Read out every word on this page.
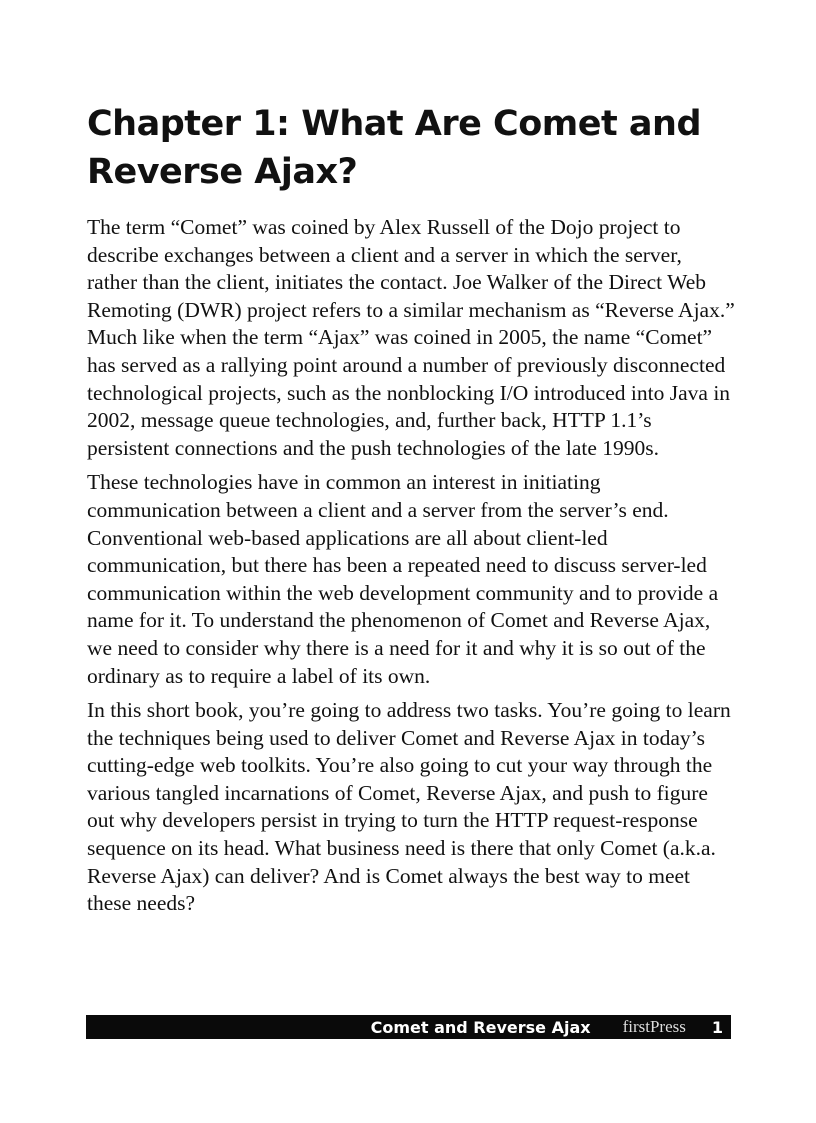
Chapter 1: What Are Comet and Reverse Ajax?

The term “Comet” was coined by Alex Russell of the Dojo project to describe exchanges between a client and a server in which the server, rather than the client, initiates the contact. Joe Walker of the Direct Web Remoting (DWR) project refers to a similar mechanism as “Reverse Ajax.” Much like when the term “Ajax” was coined in 2005, the name “Comet” has served as a rallying point around a number of previously disconnected technological projects, such as the nonblocking I/O introduced into Java in 2002, message queue technologies, and, further back, HTTP 1.1’s persistent connections and the push technologies of the late 1990s.

These technologies have in common an interest in initiating communication between a client and a server from the server’s end. Conventional web-based applications are all about client-led communication, but there has been a repeated need to discuss server-led communication within the web development community and to provide a name for it. To understand the phenomenon of Comet and Reverse Ajax, we need to consider why there is a need for it and why it is so out of the ordinary as to require a label of its own.

In this short book, you’re going to address two tasks. You’re going to learn the techniques being used to deliver Comet and Reverse Ajax in today’s cutting-edge web toolkits. You’re also going to cut your way through the various tangled incarnations of Comet, Reverse Ajax, and push to figure out why developers persist in trying to turn the HTTP request-response sequence on its head. What business need is there that only Comet (a.k.a. Reverse Ajax) can deliver? And is Comet always the best way to meet these needs?

Comet and Reverse Ajax firstPress 1
